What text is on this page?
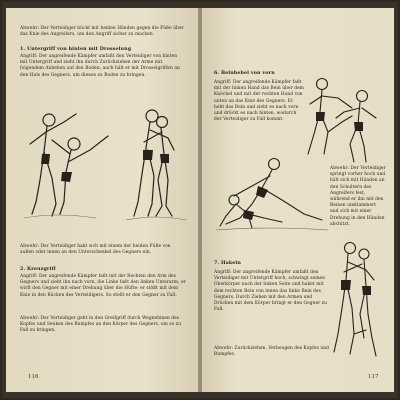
Abwehr: Der Verteidiger bückt mit beiden Händen gegen die Füße über das Knie des Angreifers, um den Angriff sicher zu machen.
1. Untergriff von hinten mit Drosselung
Angriff: Der angreifende Kämpfer umfaßt den Verteidiger von hinten mit Untergriff und zieht ihn durch Zurückziehen der Arme mit folgendem Anheben auf den Boden; auch hält er mit Drosselgriffen an den Hals des Gegners, um diesen zu Boden zu bringen.
Abwehr: Der Verteidiger hakt sich mit einem der beiden Füße von außen oder innen an den Unterschenkel des Gegners ein.
2. Kreuzgriff
Angriff: Der angreifende Kämpfer faßt mit der Rechten den Arm des Gegners und zieht ihn nach vorn, die Linke faßt den linken Unterarm, er wirft den Gegner mit einer Drehung über die Hüfte; er stößt mit dem Knie in den Rücken des Verteidigers. So stellt er den Gegner zu Fall.
Abwehr: Der Verteidiger geht in den Greifgriff durch Wegnehmen des Kopfes und Senken des Rumpfes an den Körper des Gegners, um so zu Fall zu bringen.
116
6. Beinhebel von vorn
Angriff: Der angreifende Kämpfer faßt mit der linken Hand das Bein über dem Knöchel und mit der rechten Hand von unten an das Knie des Gegners. Er hebt das Bein und zieht es nach vorn und drückt es nach hinten, wodurch der Verteidiger zu Fall kommt.
Abwehr: Der Verteidiger springt vorher hoch und hält sich mit Händen an den Schultern des Angreifers fest, während er ihn mit den Beinen umklammert und sich mit einer Drehung in den Händen abstützt.
7. Hakeln
Angriff: Der angreifende Kämpfer umfaßt den Verteidiger mit Untergriff hoch, schwingt seinen Oberkörper nach der linken Seite und haket mit dem rechten Bein von innen das linke Bein des Gegners. Durch Ziehen mit den Armen und Drücken mit dem Körper bringt er den Gegner zu Fall.
Abwehr: Zurückziehen, Verbeugen des Kopfes und Rumpfes.
117
